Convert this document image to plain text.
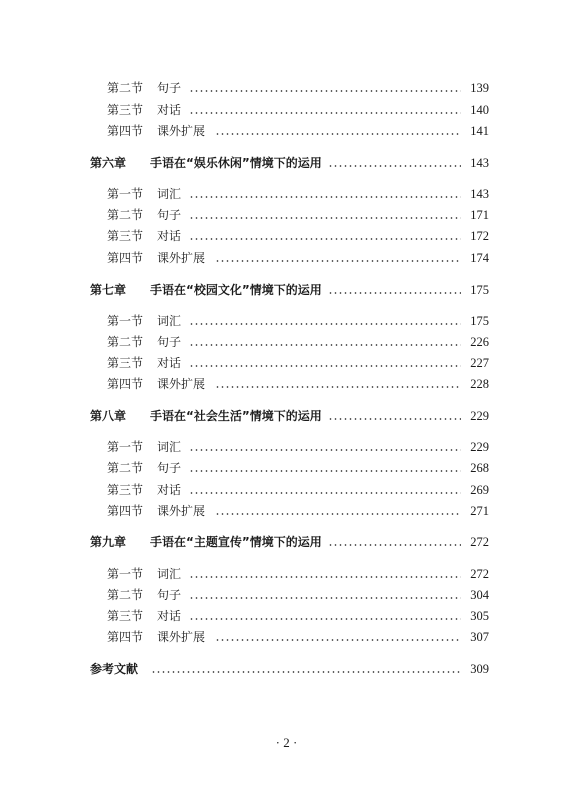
第二节 句子	139
第三节 对话	140
第四节 课外扩展	141
第六章 手语在“娱乐休闲”情境下的运用	143
第一节 词汇	143
第二节 句子	171
第三节 对话	172
第四节 课外扩展	174
第七章 手语在“校园文化”情境下的运用	175
第一节 词汇	175
第二节 句子	226
第三节 对话	227
第四节 课外扩展	228
第八章 手语在“社会生活”情境下的运用	229
第一节 词汇	229
第二节 句子	268
第三节 对话	269
第四节 课外扩展	271
第九章 手语在“主题宣传”情境下的运用	272
第一节 词汇	272
第二节 句子	304
第三节 对话	305
第四节 课外扩展	307
参考文献	309
· 2 ·
